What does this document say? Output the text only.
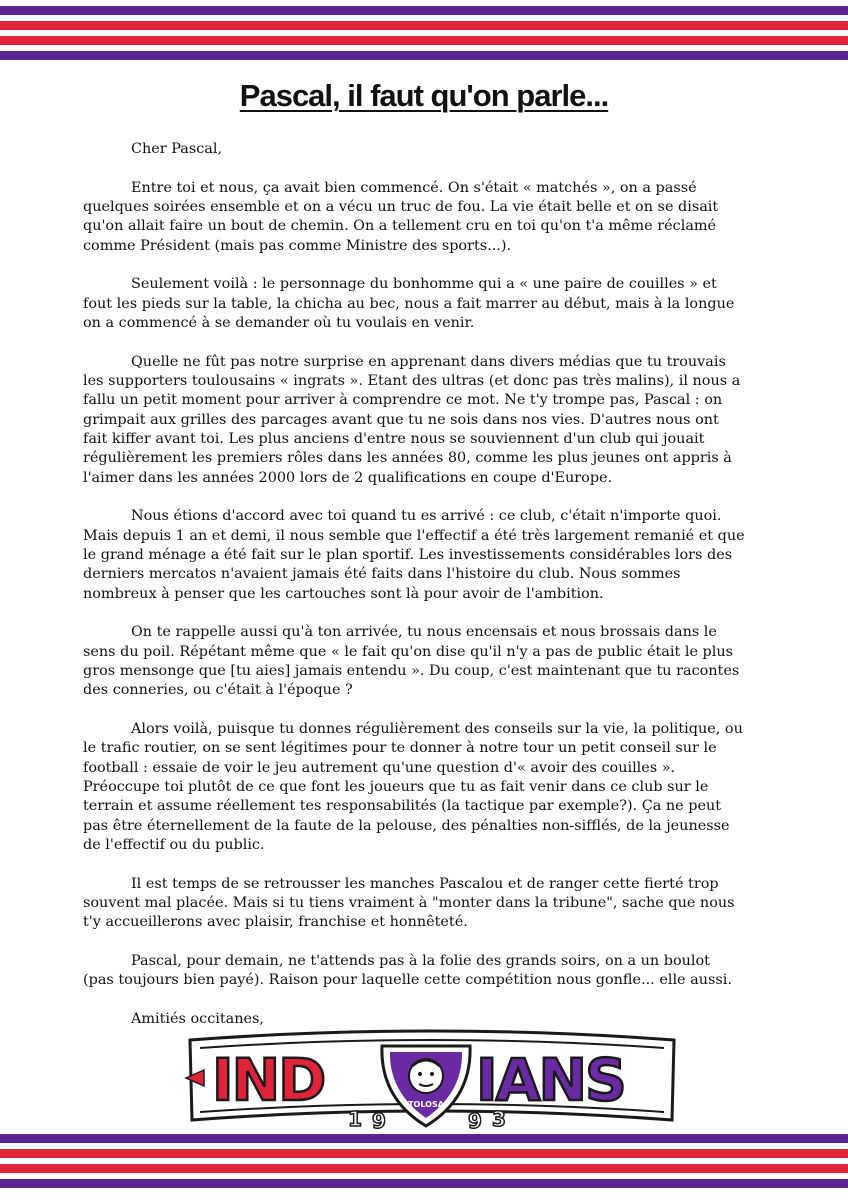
Pascal, il faut qu'on parle...

Cher Pascal,

Entre toi et nous, ça avait bien commencé. On s'était « matchés », on a passé quelques soirées ensemble et on a vécu un truc de fou. La vie était belle et on se disait qu'on allait faire un bout de chemin. On a tellement cru en toi qu'on t'a même réclamé comme Président (mais pas comme Ministre des sports...).

Seulement voilà : le personnage du bonhomme qui a « une paire de couilles » et fout les pieds sur la table, la chicha au bec, nous a fait marrer au début, mais à la longue on a commencé à se demander où tu voulais en venir.

Quelle ne fût pas notre surprise en apprenant dans divers médias que tu trouvais les supporters toulousains « ingrats ». Etant des ultras (et donc pas très malins), il nous a fallu un petit moment pour arriver à comprendre ce mot. Ne t'y trompe pas, Pascal : on grimpait aux grilles des parcages avant que tu ne sois dans nos vies. D'autres nous ont fait kiffer avant toi. Les plus anciens d'entre nous se souviennent d'un club qui jouait régulièrement les premiers rôles dans les années 80, comme les plus jeunes ont appris à l'aimer dans les années 2000 lors de 2 qualifications en coupe d'Europe.

Nous étions d'accord avec toi quand tu es arrivé : ce club, c'était n'importe quoi. Mais depuis 1 an et demi, il nous semble que l'effectif a été très largement remanié et que le grand ménage a été fait sur le plan sportif. Les investissements considérables lors des derniers mercatos n'avaient jamais été faits dans l'histoire du club. Nous sommes nombreux à penser que les cartouches sont là pour avoir de l'ambition.

On te rappelle aussi qu'à ton arrivée, tu nous encensais et nous brossais dans le sens du poil. Répétant même que « le fait qu'on dise qu'il n'y a pas de public était le plus gros mensonge que [tu aies] jamais entendu ». Du coup, c'est maintenant que tu racontes des conneries, ou c'était à l'époque ?

Alors voilà, puisque tu donnes régulièrement des conseils sur la vie, la politique, ou le trafic routier, on se sent légitimes pour te donner à notre tour un petit conseil sur le football : essaie de voir le jeu autrement qu'une question d'« avoir des couilles ». Préoccupe toi plutôt de ce que font les joueurs que tu as fait venir dans ce club sur le terrain et assume réellement tes responsabilités (la tactique par exemple?). Ça ne peut pas être éternellement de la faute de la pelouse, des pénalties non-sifflés, de la jeunesse de l'effectif ou du public.

Il est temps de se retrousser les manches Pascalou et de ranger cette fierté trop souvent mal placée. Mais si tu tiens vraiment à "monter dans la tribune", sache que nous t'y accueillerons avec plaisir, franchise et honnêteté.

Pascal, pour demain, ne t'attends pas à la folie des grands soirs, on a un boulot (pas toujours bien payé). Raison pour laquelle cette compétition nous gonfle... elle aussi.

Amitiés occitanes,

IND	TOLOSA IANS
1 9	9 3
